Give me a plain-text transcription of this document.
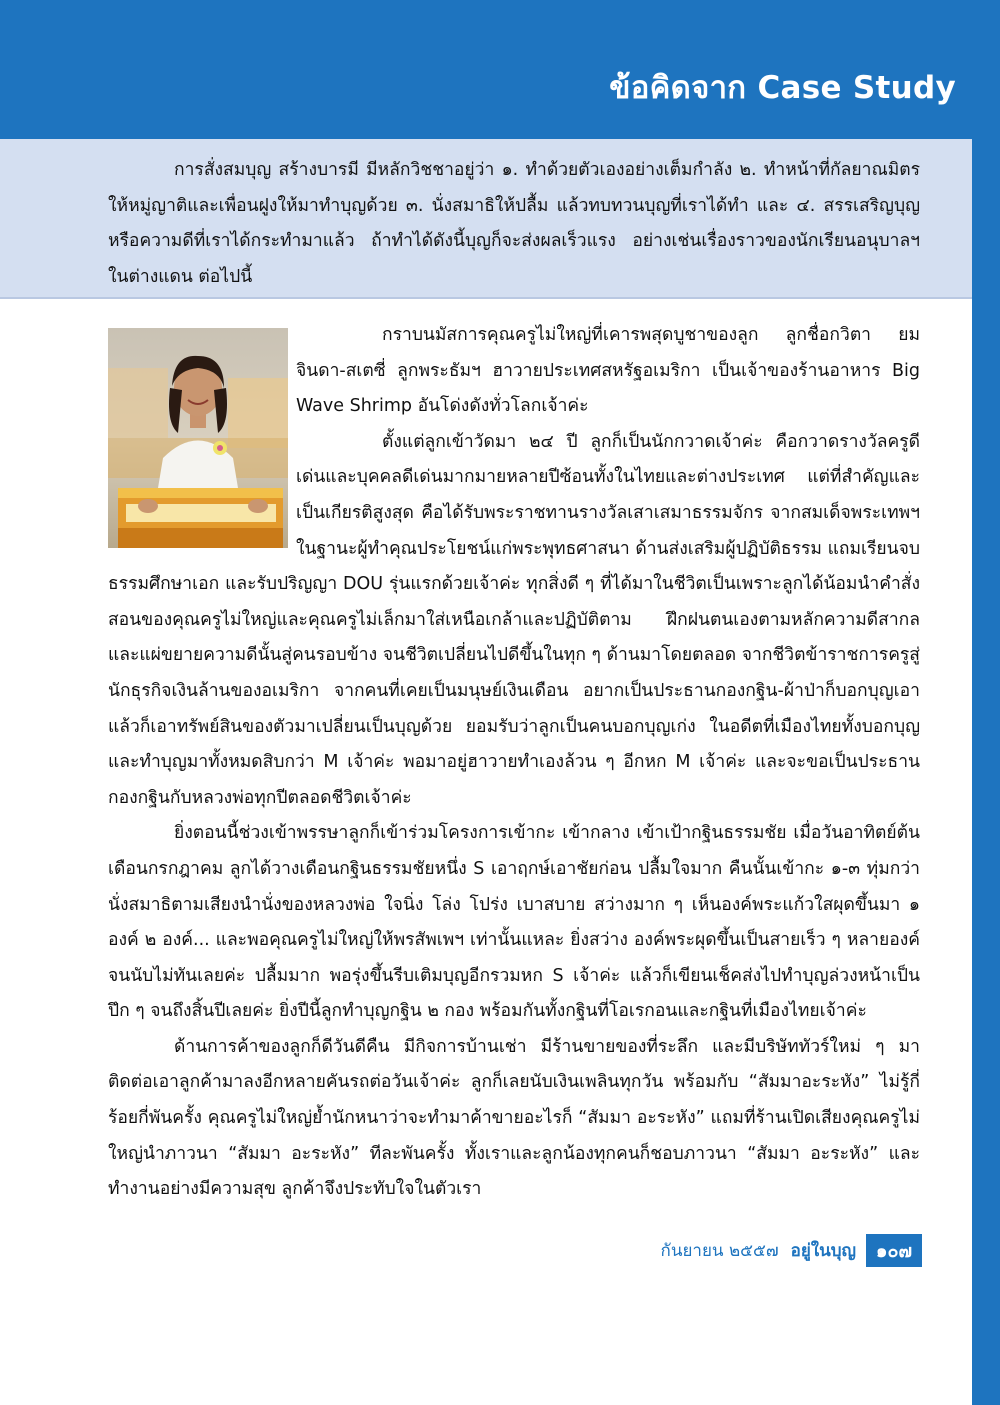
ข้อคิดจาก Case Study

การสั่งสมบุญ สร้างบารมี มีหลักวิชชาอยู่ว่า ๑. ทำด้วยตัวเองอย่างเต็มกำลัง ๒. ทำหน้าที่กัลยาณมิตรให้หมู่ญาติและเพื่อนฝูงให้มาทำบุญด้วย ๓. นั่งสมาธิให้ปลื้ม แล้วทบทวนบุญที่เราได้ทำ และ ๔. สรรเสริญบุญหรือความดีที่เราได้กระทำมาแล้ว ถ้าทำได้ดังนี้บุญก็จะส่งผลเร็วแรง อย่างเช่นเรื่องราวของนักเรียนอนุบาลฯ ในต่างแดน ต่อไปนี้

กราบนมัสการคุณครูไม่ใหญ่ที่เคารพสุดบูชาของลูก ลูกชื่อกวิตา ยมจินดา-สเตซี่ ลูกพระธัมฯ ฮาวายประเทศสหรัฐอเมริกา เป็นเจ้าของร้านอาหาร Big Wave Shrimp อันโด่งดังทั่วโลกเจ้าค่ะ

ตั้งแต่ลูกเข้าวัดมา ๒๔ ปี ลูกก็เป็นนักกวาดเจ้าค่ะ คือกวาดรางวัลครูดีเด่นและบุคคลดีเด่นมากมายหลายปีซ้อนทั้งในไทยและต่างประเทศ แต่ที่สำคัญและเป็นเกียรติสูงสุด คือได้รับพระราชทานรางวัลเสาเสมาธรรมจักร จากสมเด็จพระเทพฯ ในฐานะผู้ทำคุณประโยชน์แก่พระพุทธศาสนา ด้านส่งเสริมผู้ปฏิบัติธรรม แถมเรียนจบธรรมศึกษาเอก และรับปริญญา DOU รุ่นแรกด้วยเจ้าค่ะ ทุกสิ่งดี ๆ ที่ได้มาในชีวิตเป็นเพราะลูกได้น้อมนำคำสั่งสอนของคุณครูไม่ใหญ่และคุณครูไม่เล็กมาใส่เหนือเกล้าและปฏิบัติตาม ฝึกฝนตนเองตามหลักความดีสากล และแผ่ขยายความดีนั้นสู่คนรอบข้าง จนชีวิตเปลี่ยนไปดีขึ้นในทุก ๆ ด้านมาโดยตลอด จากชีวิตข้าราชการครูสู่นักธุรกิจเงินล้านของอเมริกา จากคนที่เคยเป็นมนุษย์เงินเดือน อยากเป็นประธานกองกฐิน-ผ้าป่าก็บอกบุญเอา แล้วก็เอาทรัพย์สินของตัวมาเปลี่ยนเป็นบุญด้วย ยอมรับว่าลูกเป็นคนบอกบุญเก่ง ในอดีตที่เมืองไทยทั้งบอกบุญและทำบุญมาทั้งหมดสิบกว่า M เจ้าค่ะ พอมาอยู่ฮาวายทำเองล้วน ๆ อีกหก M เจ้าค่ะ และจะขอเป็นประธานกองกฐินกับหลวงพ่อทุกปีตลอดชีวิตเจ้าค่ะ

ยิ่งตอนนี้ช่วงเข้าพรรษาลูกก็เข้าร่วมโครงการเข้ากะ เข้ากลาง เข้าเป้ากฐินธรรมชัย เมื่อวันอาทิตย์ต้นเดือนกรกฎาคม ลูกได้วางเดือนกฐินธรรมชัยหนึ่ง S เอาฤกษ์เอาชัยก่อน ปลื้มใจมาก คืนนั้นเข้ากะ ๑-๓ ทุ่มกว่า นั่งสมาธิตามเสียงนำนั่งของหลวงพ่อ ใจนิ่ง โล่ง โปร่ง เบาสบาย สว่างมาก ๆ เห็นองค์พระแก้วใสผุดขึ้นมา ๑ องค์ ๒ องค์... และพอคุณครูไม่ใหญ่ให้พรสัพเพฯ เท่านั้นแหละ ยิ่งสว่าง องค์พระผุดขึ้นเป็นสายเร็ว ๆ หลายองค์ จนนับไม่ทันเลยค่ะ ปลื้มมาก พอรุ่งขึ้นรีบเติมบุญอีกรวมหก S เจ้าค่ะ แล้วก็เขียนเช็คส่งไปทำบุญล่วงหน้าเป็นปึก ๆ จนถึงสิ้นปีเลยค่ะ ยิ่งปีนี้ลูกทำบุญกฐิน ๒ กอง พร้อมกันทั้งกฐินที่โอเรกอนและกฐินที่เมืองไทยเจ้าค่ะ

ด้านการค้าของลูกก็ดีวันดีคืน มีกิจการบ้านเช่า มีร้านขายของที่ระลึก และมีบริษัททัวร์ใหม่ ๆ มาติดต่อเอาลูกค้ามาลงอีกหลายคันรถต่อวันเจ้าค่ะ ลูกก็เลยนับเงินเพลินทุกวัน พร้อมกับ “สัมมาอะระหัง” ไม่รู้กี่ร้อยกี่พันครั้ง คุณครูไม่ใหญ่ย้ำนักหนาว่าจะทำมาค้าขายอะไรก็ “สัมมา อะระหัง” แถมที่ร้านเปิดเสียงคุณครูไม่ใหญ่นำภาวนา “สัมมา อะระหัง” ทีละพันครั้ง ทั้งเราและลูกน้องทุกคนก็ชอบภาวนา “สัมมา อะระหัง” และทำงานอย่างมีความสุข ลูกค้าจึงประทับใจในตัวเรา

กันยายน ๒๕๕๗ อยู่ในบุญ	๑๐๗
